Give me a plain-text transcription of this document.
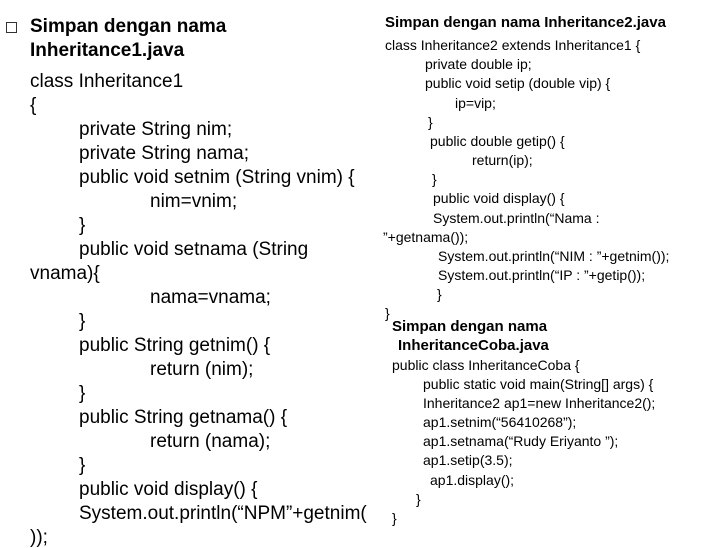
Simpan dengan nama
Inheritance1.java
class Inheritance1
{
private String nim;
private String nama;
public void setnim (String vnim) {
nim=vnim;
}
public void setnama (String
vnama){
nama=vnama;
}
public String getnim() {
return (nim);
}
public String getnama() {
return (nama);
}
public void display() {
System.out.println(“NPM”+getnim(
));
Simpan dengan nama Inheritance2.java
class Inheritance2 extends Inheritance1 {
private double ip;
public void setip (double vip) {
ip=vip;
}
public double getip() {
return(ip);
}
public void display() {
System.out.println(“Nama :
”+getnama());
System.out.println(“NIM : ”+getnim());
System.out.println(“IP : ”+getip());
}
}
Simpan dengan nama
InheritanceCoba.java
public class InheritanceCoba {
public static void main(String[] args) {
Inheritance2 ap1=new Inheritance2();
ap1.setnim(“56410268”);
ap1.setnama(“Rudy Eriyanto ”);
ap1.setip(3.5);
ap1.display();
}
}
